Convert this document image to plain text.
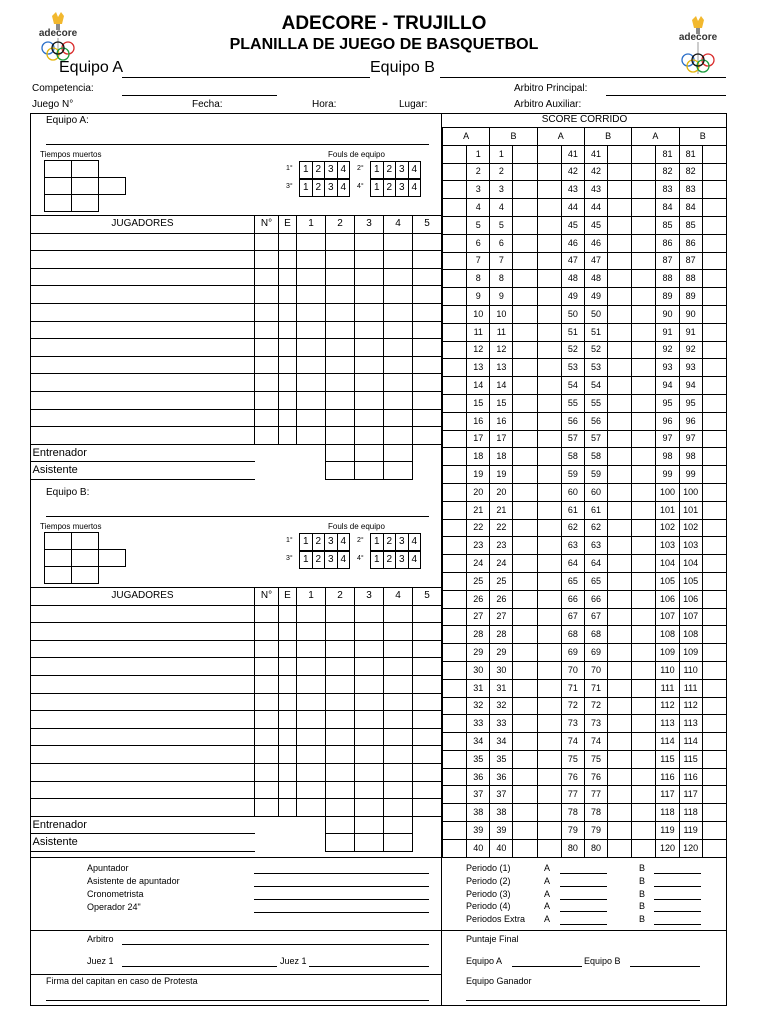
adecore	adecore
ADECORE - TRUJILLO
PLANILLA DE JUEGO DE BASQUETBOL
Equipo A	Equipo B
Competencia:	Arbitro Principal:
Juego N°	Fecha:	Hora:	Lugar:	Arbitro Auxiliar:
Equipo A:
Tiempos muertos	Fouls de equipo

1° 1	2	3	4 2° 1	2	3	4
3° 1	2	3	4 4° 1	2	3	4
JUGADORES	N°	E	1	2	3	4	5

Entrenador							
Asistente							
Equipo B:
Tiempos muertos	Fouls de equipo

1° 1	2	3	4 2° 1	2	3	4
3° 1	2	3	4 4° 1	2	3	4
JUGADORES	N°	E	1	2	3	4	5

Entrenador							
Asistente							
SCORE CORRIDO
A		B		A		B		A		B	
	1	1			41	41			81	81	
	2	2			42	42			82	82	
	3	3			43	43			83	83	
	4	4			44	44			84	84	
	5	5			45	45			85	85	
	6	6			46	46			86	86	
	7	7			47	47			87	87	
	8	8			48	48			88	88	
	9	9			49	49			89	89	
	10	10			50	50			90	90	
	11	11			51	51			91	91	
	12	12			52	52			92	92	
	13	13			53	53			93	93	
	14	14			54	54			94	94	
	15	15			55	55			95	95	
	16	16			56	56			96	96	
	17	17			57	57			97	97	
	18	18			58	58			98	98	
	19	19			59	59			99	99	
	20	20			60	60			100	100	
	21	21			61	61			101	101	
	22	22			62	62			102	102	
	23	23			63	63			103	103	
	24	24			64	64			104	104	
	25	25			65	65			105	105	
	26	26			66	66			106	106	
	27	27			67	67			107	107	
	28	28			68	68			108	108	
	29	29			69	69			109	109	
	30	30			70	70			110	110	
	31	31			71	71			111	111	
	32	32			72	72			112	112	
	33	33			73	73			113	113	
	34	34			74	74			114	114	
	35	35			75	75			115	115	
	36	36			76	76			116	116	
	37	37			77	77			117	117	
	38	38			78	78			118	118	
	39	39			79	79			119	119	
	40	40			80	80			120	120	
Apuntador
Asistente de apuntador
Cronometrista
Operador 24"
Arbitro
Juez 1	Juez 1
Firma del capitan en caso de Protesta
Periodo (1)	A	B
Periodo (2)	A	B
Periodo (3)	A	B
Periodo (4)	A	B
Periodos Extra A	B
Puntaje Final
Equipo A	Equipo B
Equipo Ganador
